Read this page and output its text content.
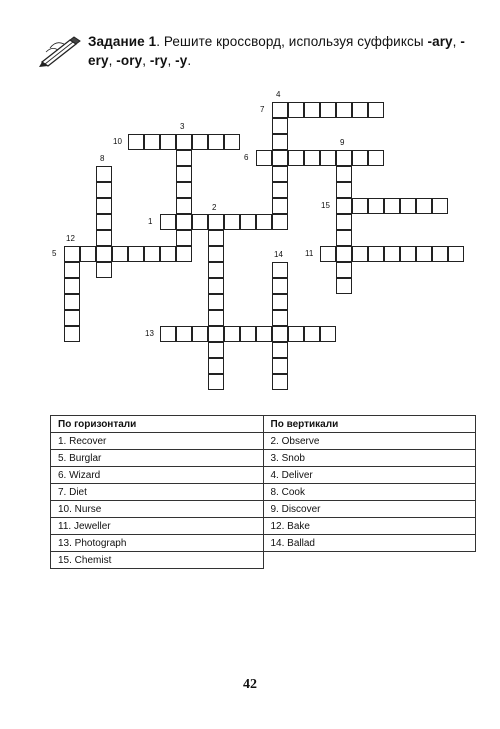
Задание 1. Решите кроссворд, используя суффиксы -ary, -ery, -ory, -ry, -y.
7
10
6
1
15
5	11
13
4
3
8
9
2
12
14
По горизонтали	По вертикали
1. Recover	2. Observe
5. Burglar	3. Snob
6. Wizard	4. Deliver
7. Diet	8. Cook
10. Nurse	9. Discover
11. Jeweller	12. Bake
13. Photograph	14. Ballad
15. Chemist	
42
